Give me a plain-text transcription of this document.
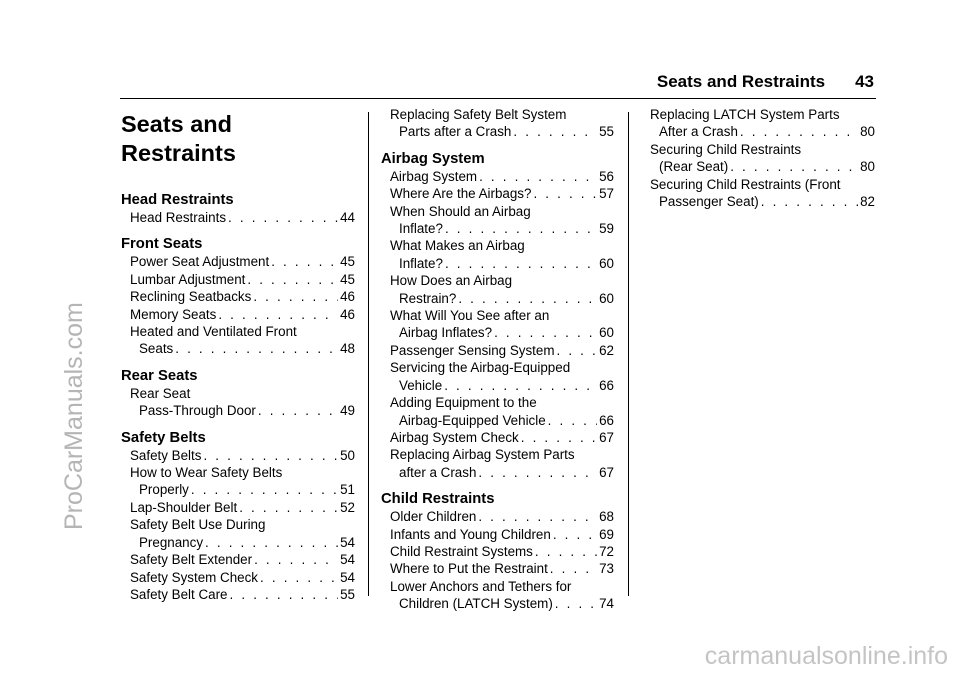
Seats and Restraints 43
ProCarManuals.com
carmanualsonline.info
Seats and
Restraints
Head Restraints
Head Restraints . . .	44
Front Seats
Power Seat Adjustment . . .	45
Lumbar Adjustment . . .	45
Reclining Seatbacks . . .	46
Memory Seats . . .	46
Heated and Ventilated Front
Seats . . .	48
Rear Seats
Rear Seat
Pass-Through Door . . .	49
Safety Belts
Safety Belts . . .	50
How to Wear Safety Belts
Properly . . .	51
Lap-Shoulder Belt . . .	52
Safety Belt Use During
Pregnancy . . .	54
Safety Belt Extender . . .	54
Safety System Check . . .	54
Safety Belt Care . . .	55
Replacing Safety Belt System
Parts after a Crash . . .	55
Airbag System
Airbag System . . .	56
Where Are the Airbags? . . .	57
When Should an Airbag
Inflate? . . .	59
What Makes an Airbag
Inflate? . . .	60
How Does an Airbag
Restrain? . . .	60
What Will You See after an
Airbag Inflates? . . .	60
Passenger Sensing System . . .	62
Servicing the Airbag-Equipped
Vehicle . . .	66
Adding Equipment to the
Airbag-Equipped Vehicle . . .	66
Airbag System Check . . .	67
Replacing Airbag System Parts
after a Crash . . .	67
Child Restraints
Older Children . . .	68
Infants and Young Children . . .	69
Child Restraint Systems . . .	72
Where to Put the Restraint . . .	73
Lower Anchors and Tethers for
Children (LATCH System) . . .	74
Replacing LATCH System Parts
After a Crash . . .	80
Securing Child Restraints
(Rear Seat) . . .	80
Securing Child Restraints (Front
Passenger Seat) . . .	82
